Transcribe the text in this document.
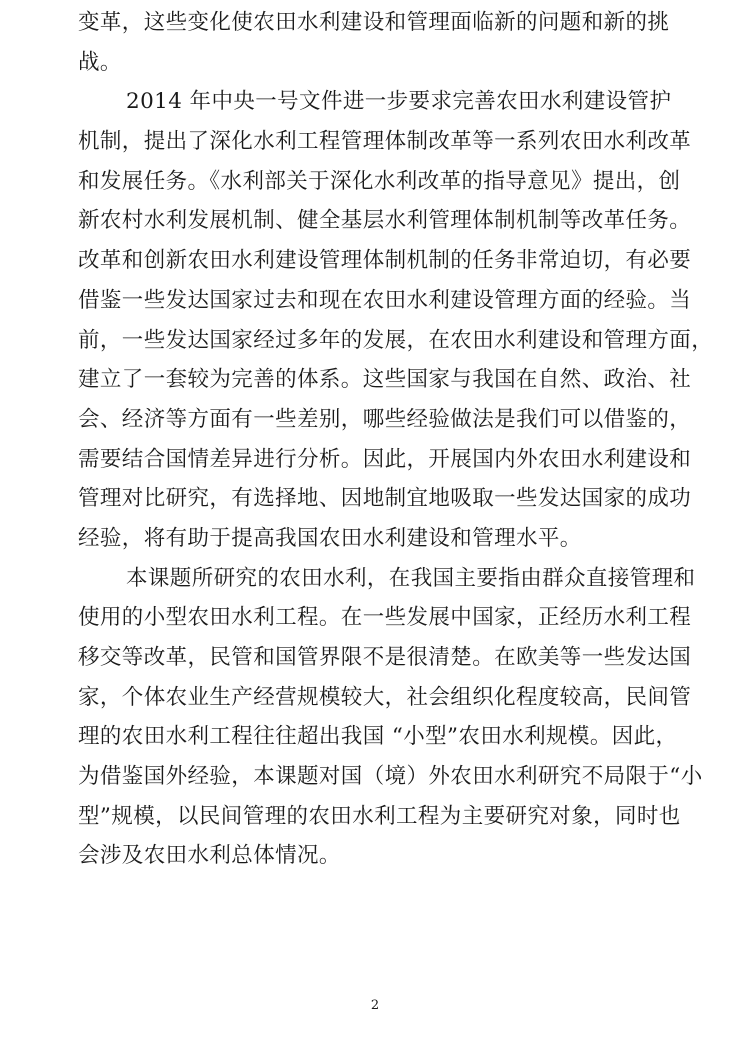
变革，这些变化使农田水利建设和管理面临新的问题和新的挑
战。
2014 年中央一号文件进一步要求完善农田水利建设管护
机制，提出了深化水利工程管理体制改革等一系列农田水利改革
和发展任务。《水利部关于深化水利改革的指导意见》提出，创
新农村水利发展机制、健全基层水利管理体制机制等改革任务。
改革和创新农田水利建设管理体制机制的任务非常迫切，有必要
借鉴一些发达国家过去和现在农田水利建设管理方面的经验。当
前，一些发达国家经过多年的发展，在农田水利建设和管理方面，
建立了一套较为完善的体系。这些国家与我国在自然、政治、社
会、经济等方面有一些差别，哪些经验做法是我们可以借鉴的，
需要结合国情差异进行分析。因此，开展国内外农田水利建设和
管理对比研究，有选择地、因地制宜地吸取一些发达国家的成功
经验，将有助于提高我国农田水利建设和管理水平。
本课题所研究的农田水利，在我国主要指由群众直接管理和
使用的小型农田水利工程。在一些发展中国家，正经历水利工程
移交等改革，民管和国管界限不是很清楚。在欧美等一些发达国
家，个体农业生产经营规模较大，社会组织化程度较高，民间管
理的农田水利工程往往超出我国 “小型”农田水利规模。因此，
为借鉴国外经验，本课题对国（境）外农田水利研究不局限于“小
型”规模，以民间管理的农田水利工程为主要研究对象，同时也
会涉及农田水利总体情况。
2
